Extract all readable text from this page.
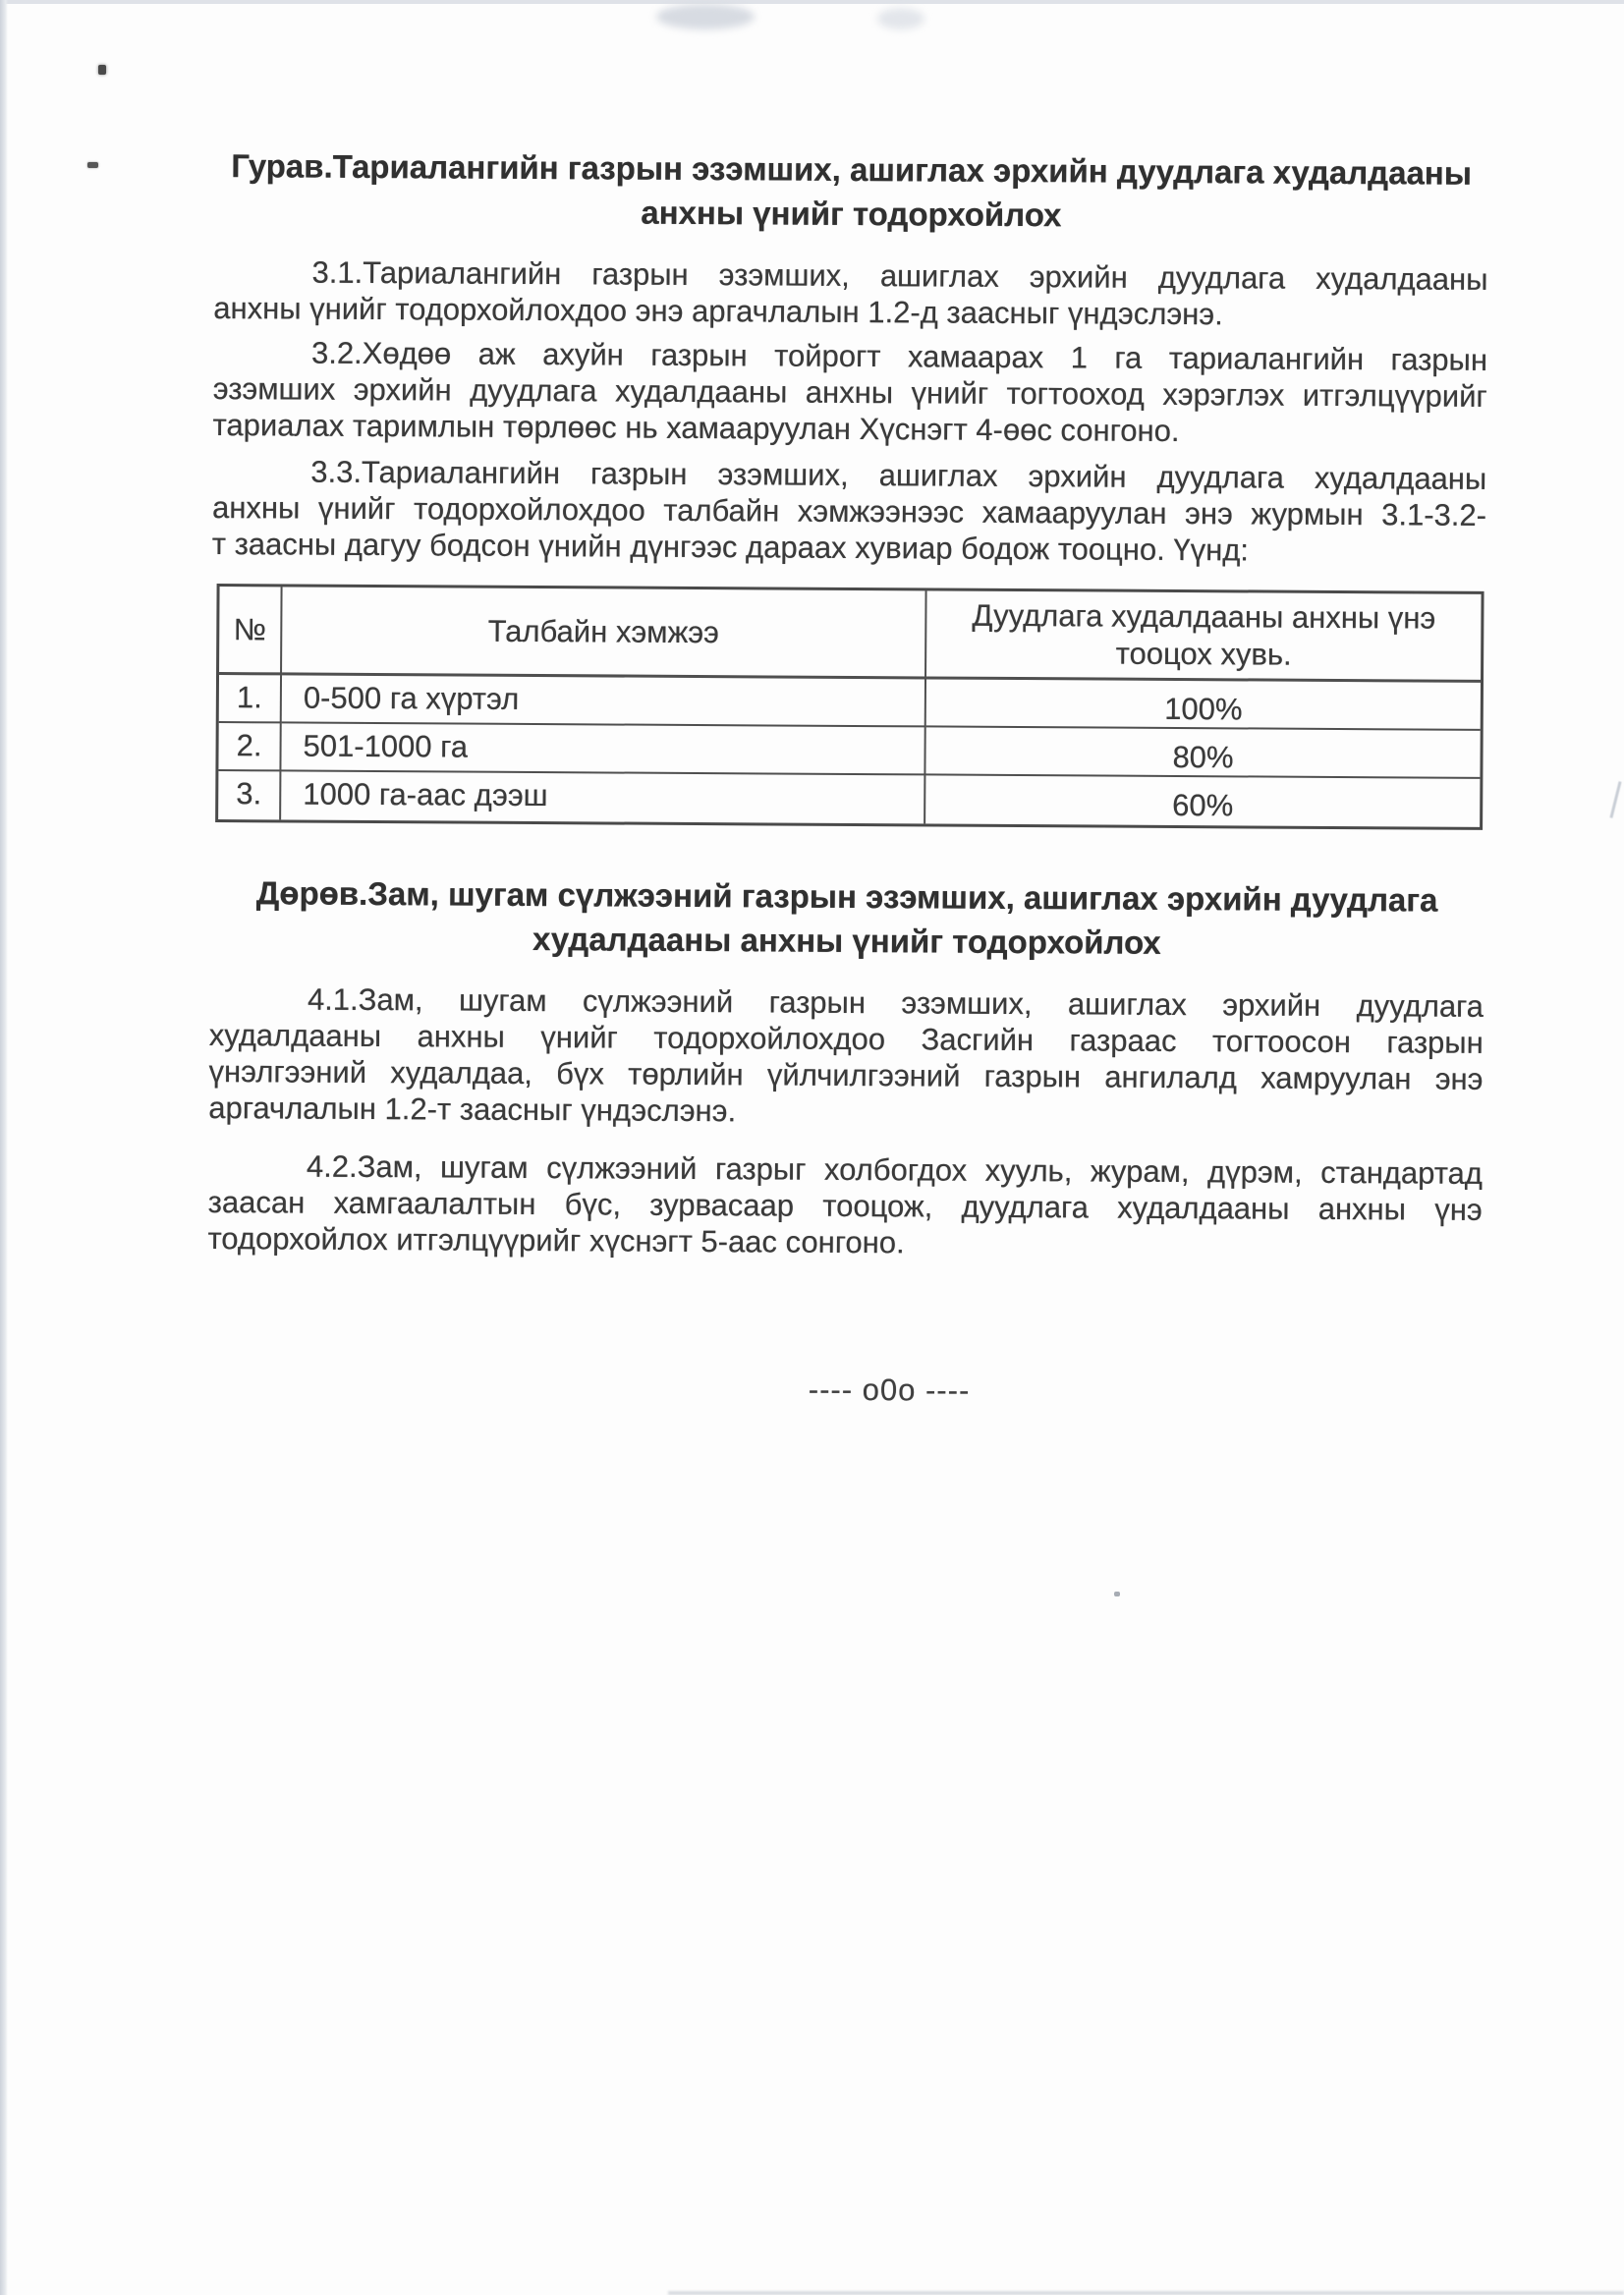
Гурав.Тариалангийн газрын эзэмших, ашиглах эрхийн дуудлага худалдааны
анхны үнийг тодорхойлох
3.1.Тариалангийн газрын эзэмших, ашиглах эрхийн дуудлага худалдааны
анхны үнийг тодорхойлохдоо энэ аргачлалын 1.2-д заасныг үндэслэнэ.
3.2.Хөдөө аж ахуйн газрын тойрогт хамаарах 1 га тариалангийн газрын
эзэмших эрхийн дуудлага худалдааны анхны үнийг тогтооход хэрэглэх итгэлцүүрийг
тариалах таримлын төрлөөс нь хамааруулан Хүснэгт 4-өөс сонгоно.
3.3.Тариалангийн газрын эзэмших, ашиглах эрхийн дуудлага худалдааны
анхны үнийг тодорхойлохдоо талбайн хэмжээнээс хамааруулан энэ журмын 3.1-3.2-
т заасны дагуу бодсон үнийн дүнгээс дараах хувиар бодож тооцно. Үүнд:
№	Талбайн хэмжээ	Дуудлага худалдааны анхны үнэ
тооцох хувь.
1.	0-500 га хүртэл	100%
2.	501-1000 га	80%
3.	1000 га-аас дээш	60%
Дөрөв.Зам, шугам сүлжээний газрын эзэмших, ашиглах эрхийн дуудлага
худалдааны анхны үнийг тодорхойлох
4.1.Зам, шугам сүлжээний газрын эзэмших, ашиглах эрхийн дуудлага
худалдааны анхны үнийг тодорхойлохдоо Засгийн газраас тогтоосон газрын
үнэлгээний худалдаа, бүх төрлийн үйлчилгээний газрын ангилалд хамруулан энэ
аргачлалын 1.2-т заасныг үндэслэнэ.
4.2.Зам, шугам сүлжээний газрыг холбогдох хууль, журам, дүрэм, стандартад
заасан хамгаалалтын бүс, зурвасаар тооцож, дуудлага худалдааны анхны үнэ
тодорхойлох итгэлцүүрийг хүснэгт 5-аас сонгоно.
---- о0о ----
